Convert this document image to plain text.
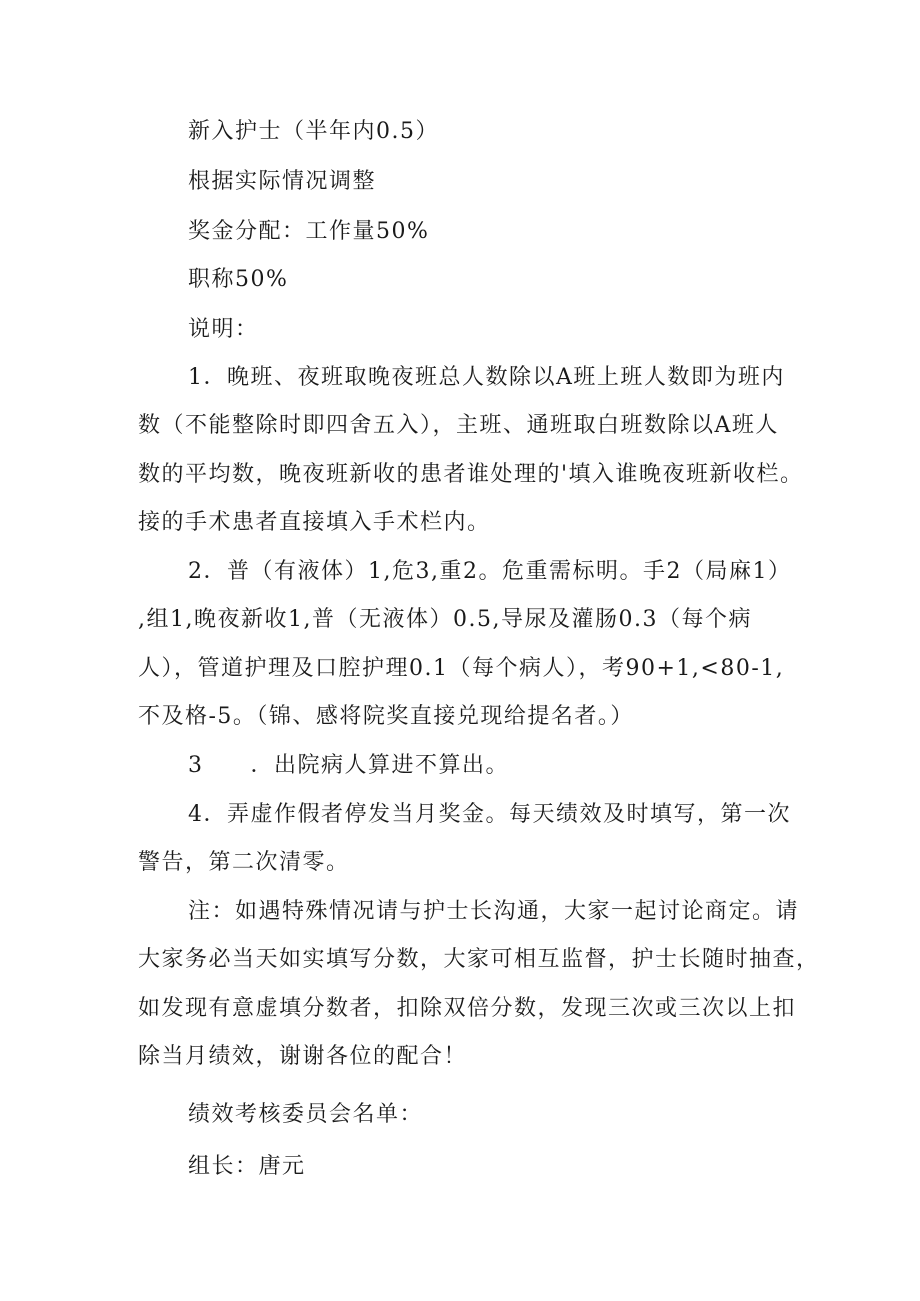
新入护士（半年内0.5）
根据实际情况调整
奖金分配：工作量50%
职称50%
说明：
1．晚班、夜班取晚夜班总人数除以A班上班人数即为班内
数（不能整除时即四舍五入），主班、通班取白班数除以A班人
数的平均数，晚夜班新收的患者谁处理的'填入谁晚夜班新收栏。
接的手术患者直接填入手术栏内。
2．普（有液体）1,危3,重2。危重需标明。手2（局麻1）
,组1,晚夜新收1,普（无液体）0.5,导尿及灌肠0.3（每个病
人），管道护理及口腔护理0.1（每个病人），考90+1,<80-1,
不及格-5。（锦、感将院奖直接兑现给提名者。）
3　　．出院病人算进不算出。
4．弄虚作假者停发当月奖金。每天绩效及时填写，第一次
警告，第二次清零。
注：如遇特殊情况请与护士长沟通，大家一起讨论商定。请
大家务必当天如实填写分数，大家可相互监督，护士长随时抽查，
如发现有意虚填分数者，扣除双倍分数，发现三次或三次以上扣
除当月绩效，谢谢各位的配合！
绩效考核委员会名单：
组长：唐元
